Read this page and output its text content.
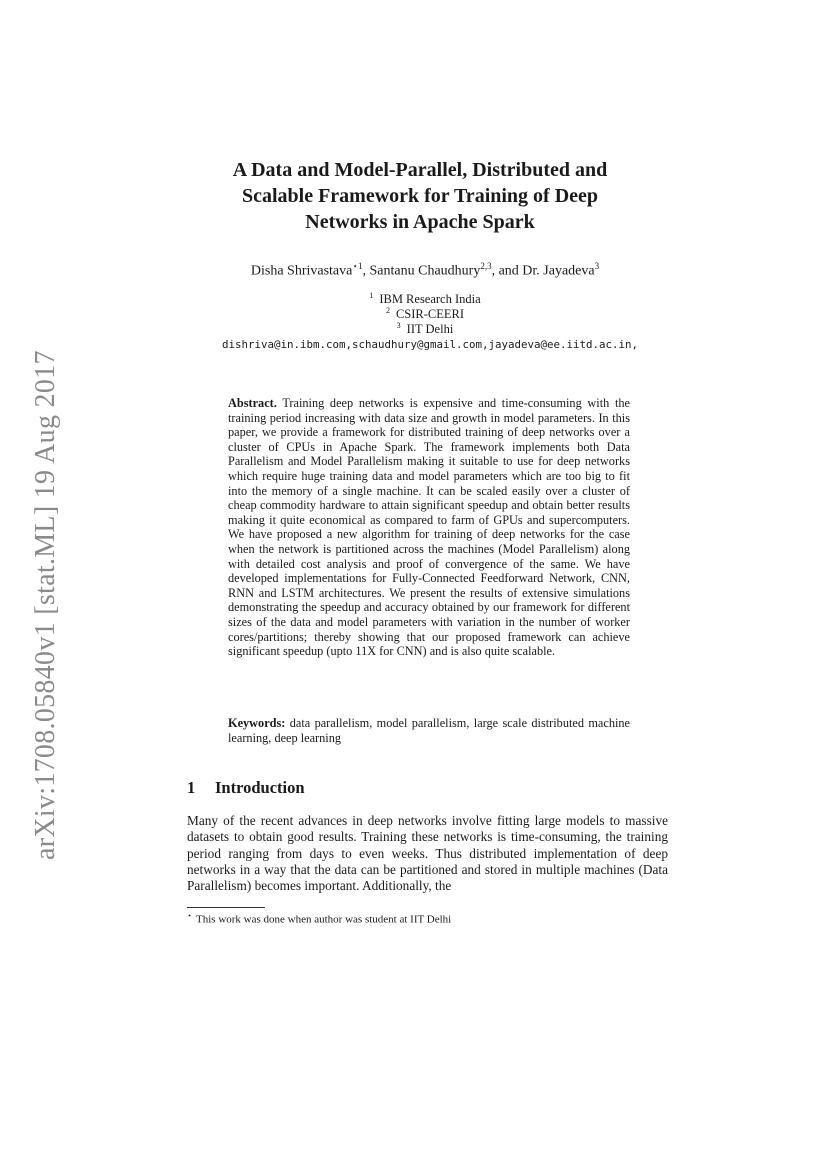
arXiv:1708.05840v1 [stat.ML] 19 Aug 2017
A Data and Model-Parallel, Distributed and
Scalable Framework for Training of Deep
Networks in Apache Spark
Disha Shrivastava$^{⋆1}$, Santanu Chaudhury$^{2,3}$, and Dr. Jayadeva$^3$
$^1$ IBM Research India
$^2$ CSIR-CEERI
$^3$ IIT Delhi
dishriva@in.ibm.com,schaudhury@gmail.com,jayadeva@ee.iitd.ac.in,
Abstract. Training deep networks is expensive and time-consuming with the training period increasing with data size and growth in model parameters. In this paper, we provide a framework for distributed training of deep networks over a cluster of CPUs in Apache Spark. The framework implements both Data Parallelism and Model Parallelism making it suitable to use for deep networks which require huge training data and model parameters which are too big to fit into the memory of a single machine. It can be scaled easily over a cluster of cheap commodity hardware to attain significant speedup and obtain better results making it quite economical as compared to farm of GPUs and supercomputers. We have proposed a new algorithm for training of deep networks for the case when the network is partitioned across the machines (Model Parallelism) along with detailed cost analysis and proof of convergence of the same. We have developed implementations for Fully-Connected Feedforward Network, CNN, RNN and LSTM architectures. We present the results of extensive simulations demonstrating the speedup and accuracy obtained by our framework for different sizes of the data and model parameters with variation in the number of worker cores/partitions; thereby showing that our proposed framework can achieve significant speedup (upto 11X for CNN) and is also quite scalable.
Keywords: data parallelism, model parallelism, large scale distributed machine learning, deep learning
1 Introduction
Many of the recent advances in deep networks involve fitting large models to massive datasets to obtain good results. Training these networks is time-consuming, the training period ranging from days to even weeks. Thus distributed implementation of deep networks in a way that the data can be partitioned and stored in multiple machines (Data Parallelism) becomes important. Additionally, the
⋆ This work was done when author was student at IIT Delhi
